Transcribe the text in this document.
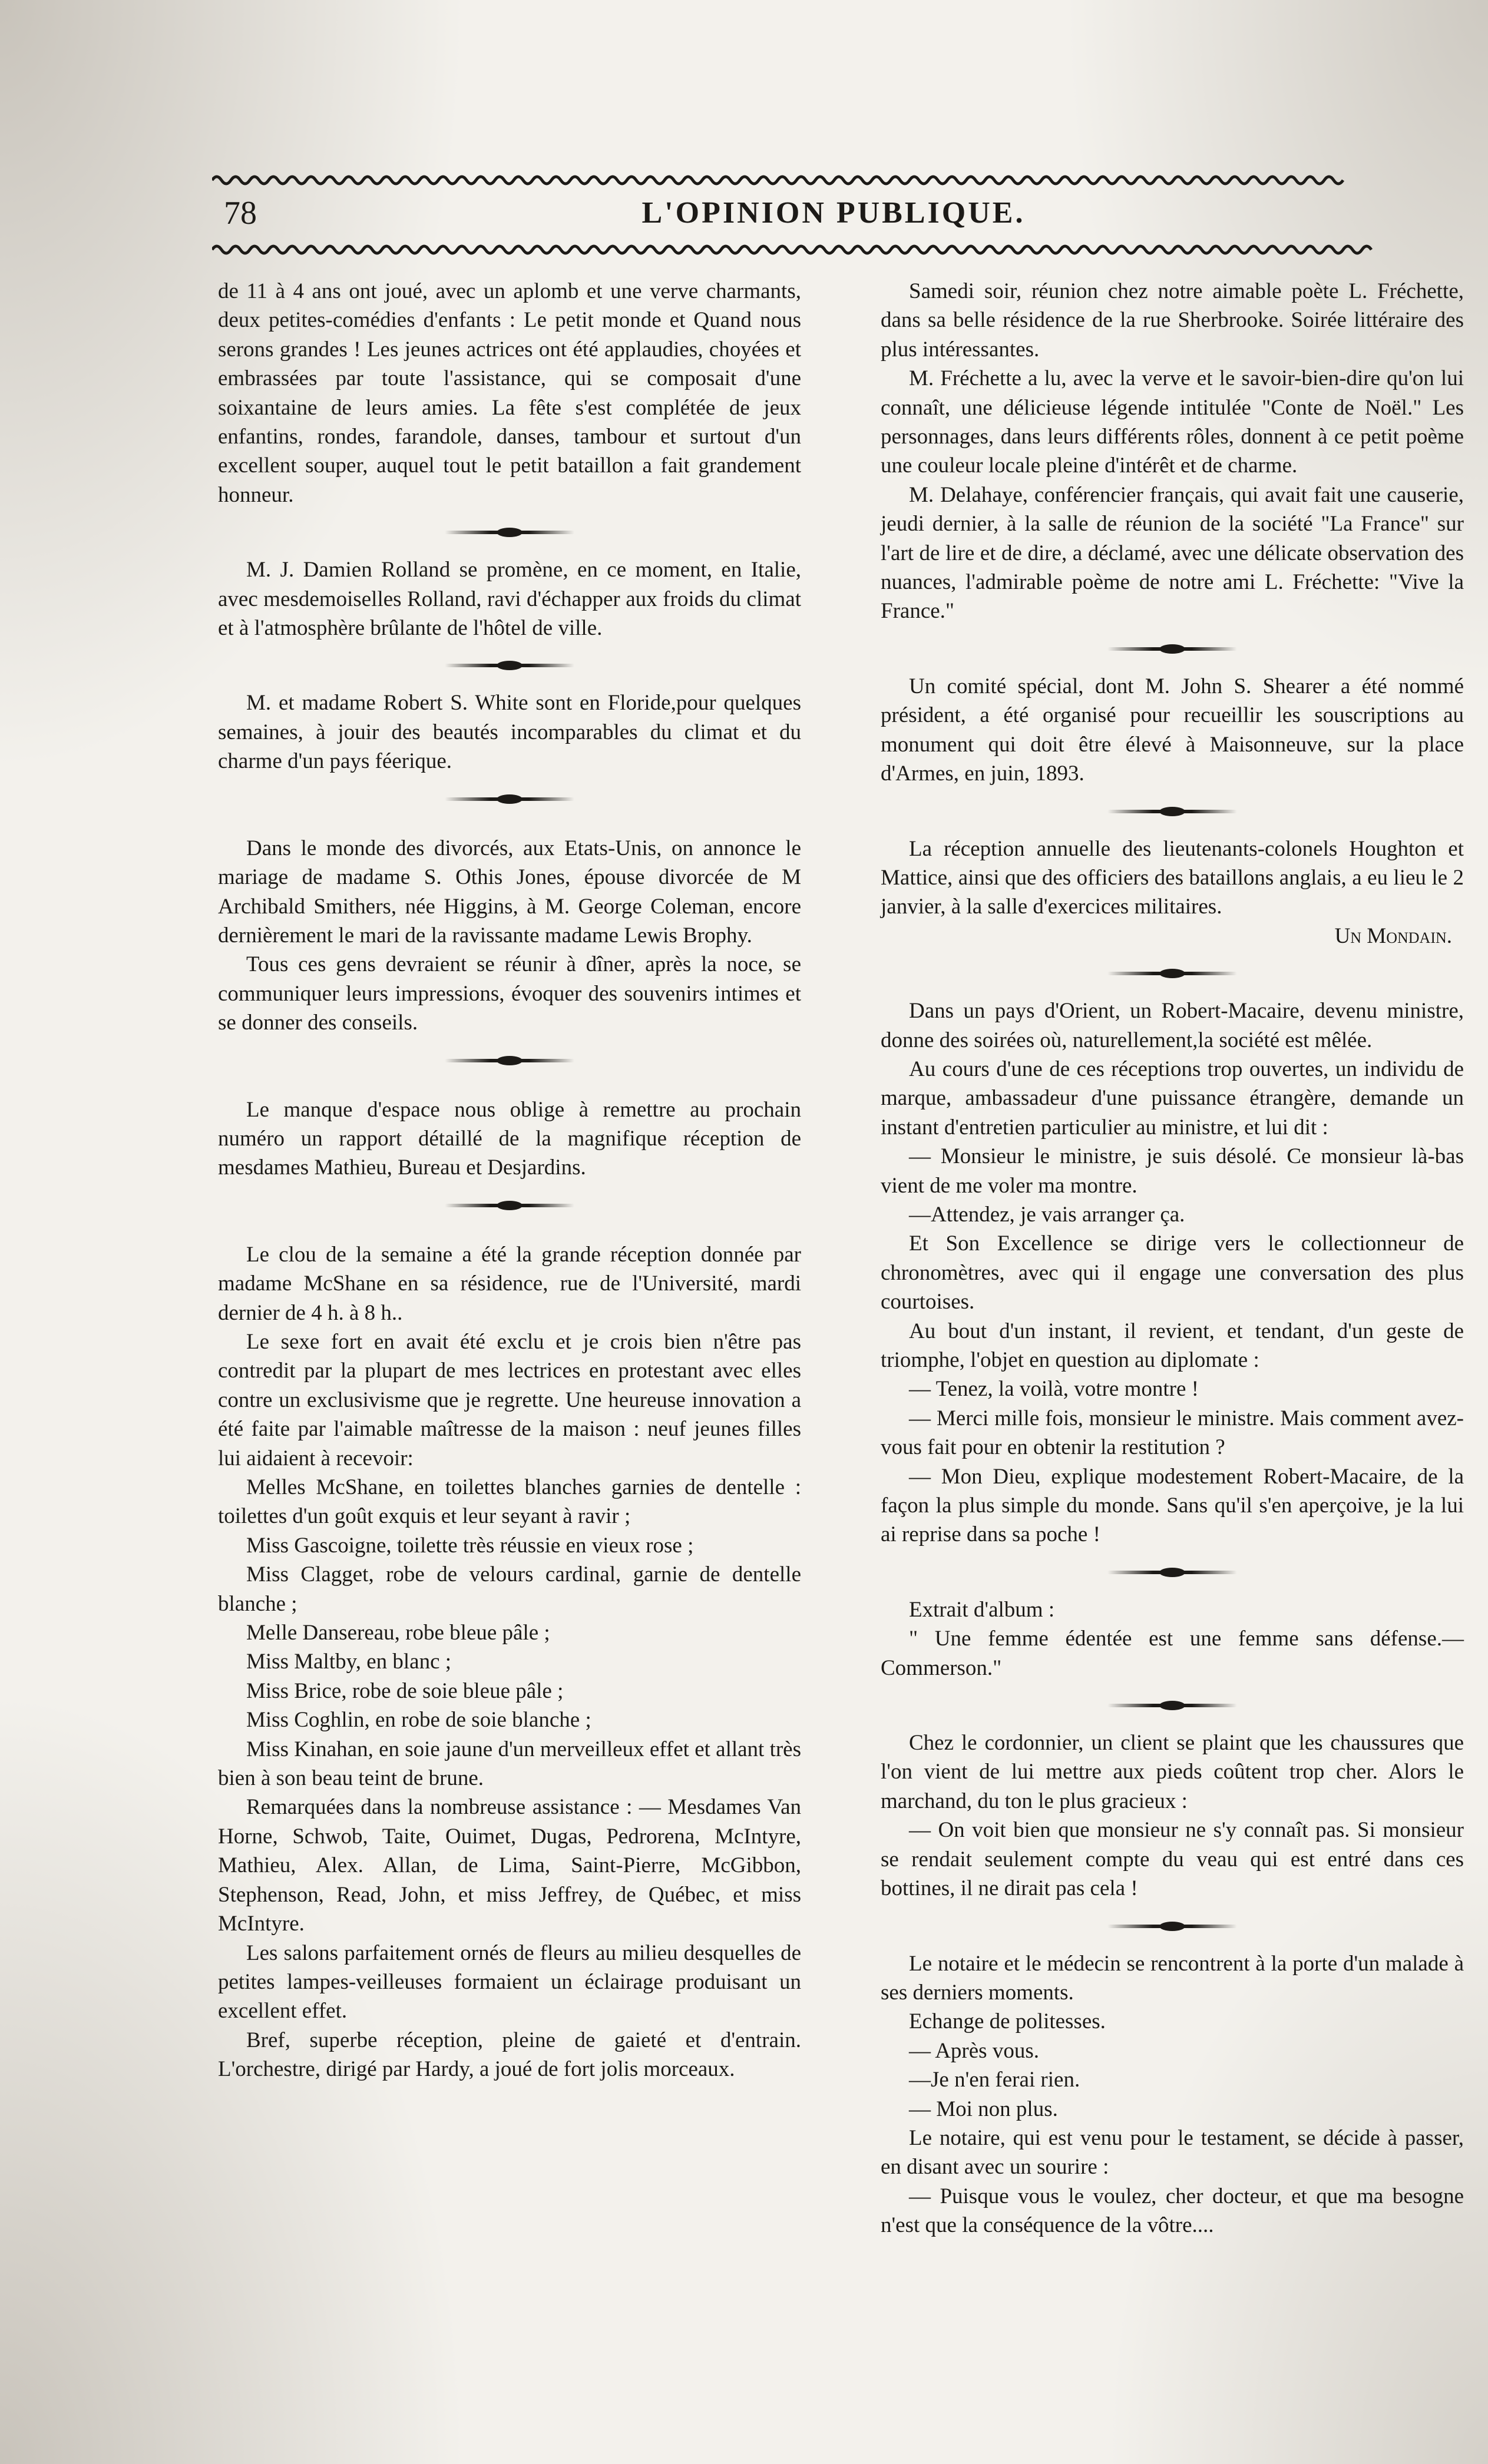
78	L'OPINION PUBLIQUE.

de 11 à 4 ans ont joué, avec un aplomb et une verve charmants, deux petites-comédies d'enfants : Le petit monde et Quand nous serons grandes ! Les jeunes actrices ont été applaudies, choyées et embrassées par toute l'assistance, qui se composait d'une soixantaine de leurs amies. La fête s'est complétée de jeux enfantins, rondes, farandole, danses, tambour et surtout d'un excellent souper, auquel tout le petit bataillon a fait grandement honneur.

M. J. Damien Rolland se promène, en ce moment, en Italie, avec mesdemoiselles Rolland, ravi d'échapper aux froids du climat et à l'atmosphère brûlante de l'hôtel de ville.

M. et madame Robert S. White sont en Floride,pour quelques semaines, à jouir des beautés incomparables du climat et du charme d'un pays féerique.

Dans le monde des divorcés, aux Etats-Unis, on annonce le mariage de madame S. Othis Jones, épouse divorcée de M Archibald Smithers, née Higgins, à M. George Coleman, encore dernièrement le mari de la ravissante madame Lewis Brophy.

Tous ces gens devraient se réunir à dîner, après la noce, se communiquer leurs impressions, évoquer des souvenirs intimes et se donner des conseils.

Le manque d'espace nous oblige à remettre au prochain numéro un rapport détaillé de la magnifique réception de mesdames Mathieu, Bureau et Desjardins.

Le clou de la semaine a été la grande réception donnée par madame McShane en sa résidence, rue de l'Université, mardi dernier de 4 h. à 8 h..

Le sexe fort en avait été exclu et je crois bien n'être pas contredit par la plupart de mes lectrices en protestant avec elles contre un exclusivisme que je regrette. Une heureuse innovation a été faite par l'aimable maîtresse de la maison : neuf jeunes filles lui aidaient à recevoir:

Melles McShane, en toilettes blanches garnies de dentelle : toilettes d'un goût exquis et leur seyant à ravir ;

Miss Gascoigne, toilette très réussie en vieux rose ;

Miss Clagget, robe de velours cardinal, garnie de dentelle blanche ;

Melle Dansereau, robe bleue pâle ;

Miss Maltby, en blanc ;

Miss Brice, robe de soie bleue pâle ;

Miss Coghlin, en robe de soie blanche ;

Miss Kinahan, en soie jaune d'un merveilleux effet et allant très bien à son beau teint de brune.

Remarquées dans la nombreuse assistance : — Mesdames Van Horne, Schwob, Taite, Ouimet, Dugas, Pedrorena, McIntyre, Mathieu, Alex. Allan, de Lima, Saint-Pierre, McGibbon, Stephenson, Read, John, et miss Jeffrey, de Québec, et miss McIntyre.

Les salons parfaitement ornés de fleurs au milieu desquelles de petites lampes-veilleuses formaient un éclairage produisant un excellent effet.

Bref, superbe réception, pleine de gaieté et d'entrain. L'orchestre, dirigé par Hardy, a joué de fort jolis morceaux.

Samedi soir, réunion chez notre aimable poète L. Fréchette, dans sa belle résidence de la rue Sherbrooke. Soirée littéraire des plus intéressantes.

M. Fréchette a lu, avec la verve et le savoir-bien-dire qu'on lui connaît, une délicieuse légende intitulée "Conte de Noël." Les personnages, dans leurs différents rôles, donnent à ce petit poème une couleur locale pleine d'intérêt et de charme.

M. Delahaye, conférencier français, qui avait fait une causerie, jeudi dernier, à la salle de réunion de la société "La France" sur l'art de lire et de dire, a déclamé, avec une délicate observation des nuances, l'admirable poème de notre ami L. Fréchette: "Vive la France."

Un comité spécial, dont M. John S. Shearer a été nommé président, a été organisé pour recueillir les souscriptions au monument qui doit être élevé à Maisonneuve, sur la place d'Armes, en juin, 1893.

La réception annuelle des lieutenants-colonels Houghton et Mattice, ainsi que des officiers des bataillons anglais, a eu lieu le 2 janvier, à la salle d'exercices militaires.

Un Mondain.

Dans un pays d'Orient, un Robert-Macaire, devenu ministre, donne des soirées où, naturellement,la société est mêlée.

Au cours d'une de ces réceptions trop ouvertes, un individu de marque, ambassadeur d'une puissance étrangère, demande un instant d'entretien particulier au ministre, et lui dit :

— Monsieur le ministre, je suis désolé. Ce monsieur là-bas vient de me voler ma montre.

—Attendez, je vais arranger ça.

Et Son Excellence se dirige vers le collectionneur de chronomètres, avec qui il engage une conversation des plus courtoises.

Au bout d'un instant, il revient, et tendant, d'un geste de triomphe, l'objet en question au diplomate :

— Tenez, la voilà, votre montre !

— Merci mille fois, monsieur le ministre. Mais comment avez-vous fait pour en obtenir la restitution ?

— Mon Dieu, explique modestement Robert-Macaire, de la façon la plus simple du monde. Sans qu'il s'en aperçoive, je la lui ai reprise dans sa poche !

Extrait d'album :

" Une femme édentée est une femme sans défense.— Commerson."

Chez le cordonnier, un client se plaint que les chaussures que l'on vient de lui mettre aux pieds coûtent trop cher. Alors le marchand, du ton le plus gracieux :

— On voit bien que monsieur ne s'y connaît pas. Si monsieur se rendait seulement compte du veau qui est entré dans ces bottines, il ne dirait pas cela !

Le notaire et le médecin se rencontrent à la porte d'un malade à ses derniers moments.

Echange de politesses.

— Après vous.

—Je n'en ferai rien.

— Moi non plus.

Le notaire, qui est venu pour le testament, se décide à passer, en disant avec un sourire :

— Puisque vous le voulez, cher docteur, et que ma besogne n'est que la conséquence de la vôtre....
